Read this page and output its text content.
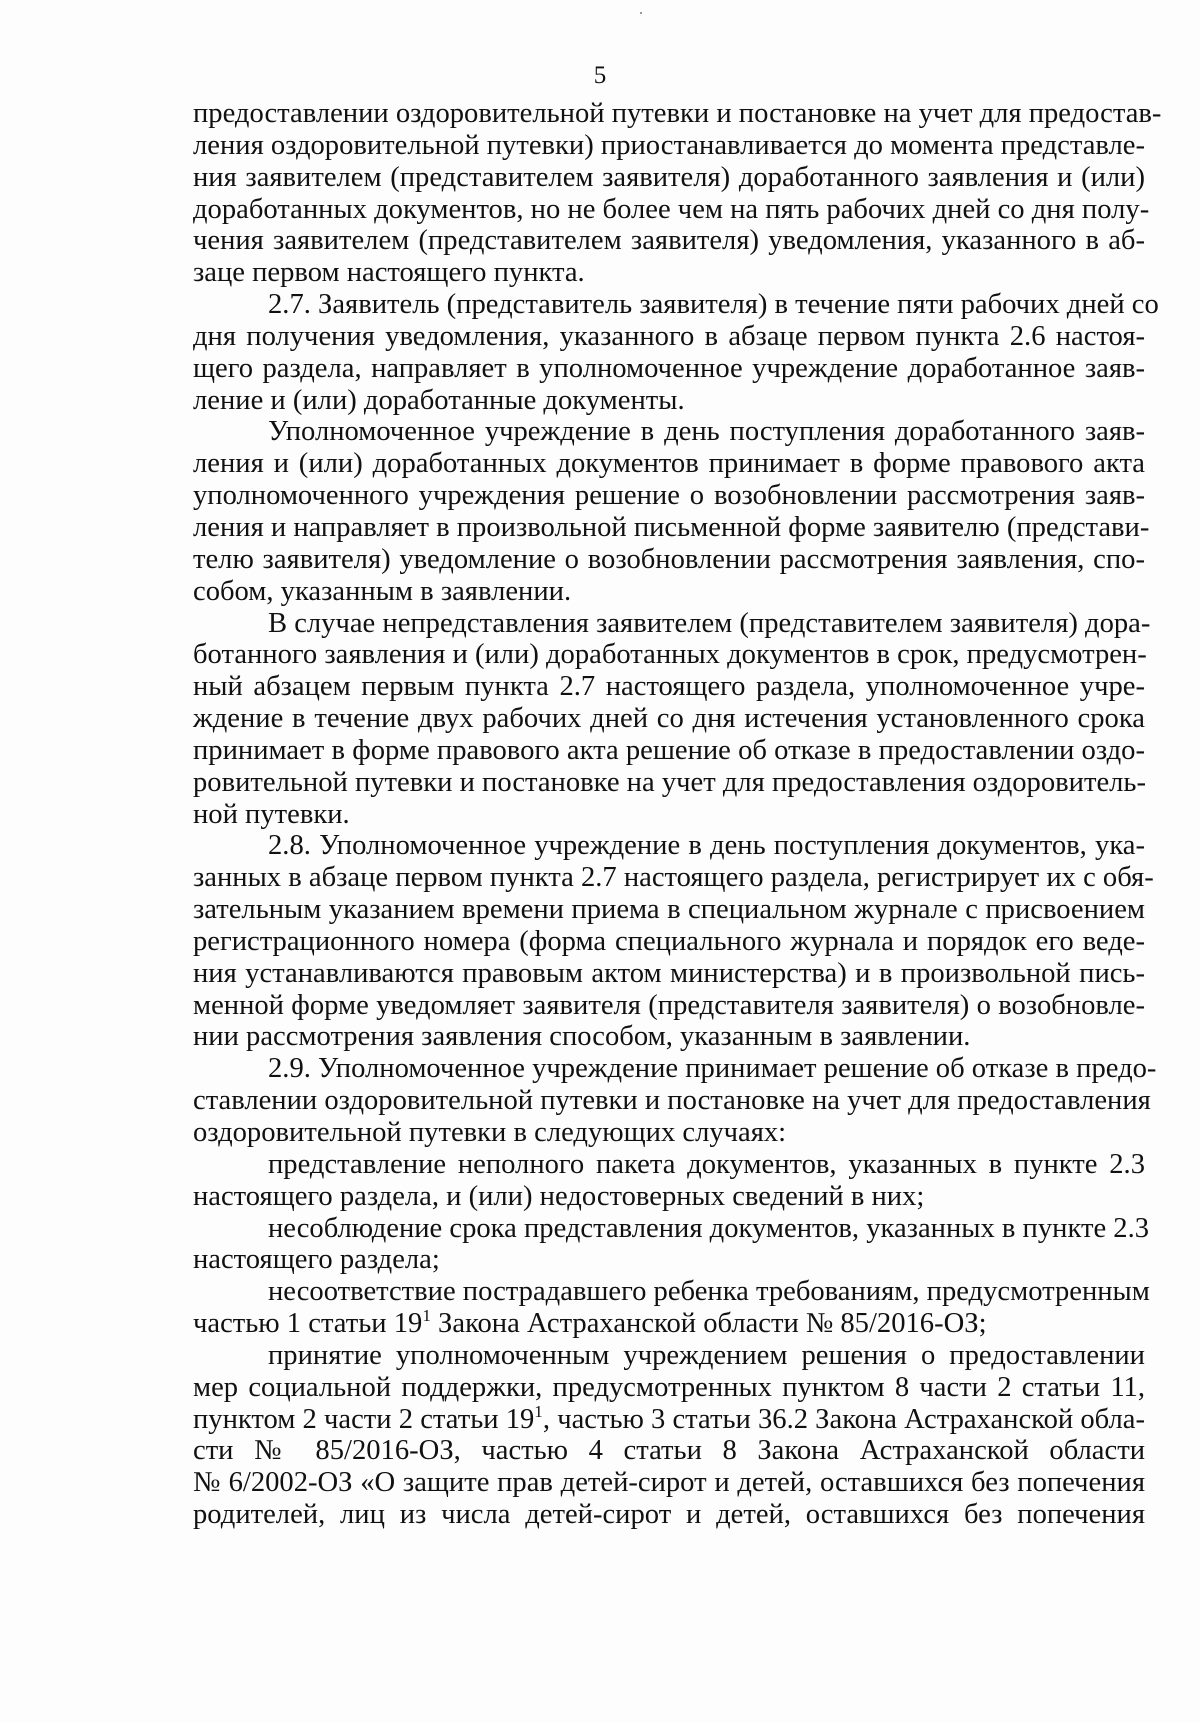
5
предоставлении оздоровительной путевки и постановке на учет для предостав-
ления оздоровительной путевки) приостанавливается до момента представле-
ния заявителем (представителем заявителя) доработанного заявления и (или)
доработанных документов, но не более чем на пять рабочих дней со дня полу-
чения заявителем (представителем заявителя) уведомления, указанного в аб-
заце первом настоящего пункта.
2.7. Заявитель (представитель заявителя) в течение пяти рабочих дней со
дня получения уведомления, указанного в абзаце первом пункта 2.6 настоя-
щего раздела, направляет в уполномоченное учреждение доработанное заяв-
ление и (или) доработанные документы.
Уполномоченное учреждение в день поступления доработанного заяв-
ления и (или) доработанных документов принимает в форме правового акта
уполномоченного учреждения решение о возобновлении рассмотрения заяв-
ления и направляет в произвольной письменной форме заявителю (представи-
телю заявителя) уведомление о возобновлении рассмотрения заявления, спо-
собом, указанным в заявлении.
В случае непредставления заявителем (представителем заявителя) дора-
ботанного заявления и (или) доработанных документов в срок, предусмотрен-
ный абзацем первым пункта 2.7 настоящего раздела, уполномоченное учре-
ждение в течение двух рабочих дней со дня истечения установленного срока
принимает в форме правового акта решение об отказе в предоставлении оздо-
ровительной путевки и постановке на учет для предоставления оздоровитель-
ной путевки.
2.8. Уполномоченное учреждение в день поступления документов, ука-
занных в абзаце первом пункта 2.7 настоящего раздела, регистрирует их с обя-
зательным указанием времени приема в специальном журнале с присвоением
регистрационного номера (форма специального журнала и порядок его веде-
ния устанавливаются правовым актом министерства) и в произвольной пись-
менной форме уведомляет заявителя (представителя заявителя) о возобновле-
нии рассмотрения заявления способом, указанным в заявлении.
2.9. Уполномоченное учреждение принимает решение об отказе в предо-
ставлении оздоровительной путевки и постановке на учет для предоставления
оздоровительной путевки в следующих случаях:
представление неполного пакета документов, указанных в пункте 2.3
настоящего раздела, и (или) недостоверных сведений в них;
несоблюдение срока представления документов, указанных в пункте 2.3
настоящего раздела;
несоответствие пострадавшего ребенка требованиям, предусмотренным
частью 1 статьи $19^1$ Закона Астраханской области № 85/2016-ОЗ;
принятие уполномоченным учреждением решения о предоставлении
мер социальной поддержки, предусмотренных пунктом 8 части 2 статьи 11,
пунктом 2 части 2 статьи $19^1$, частью 3 статьи 36.2 Закона Астраханской обла-
сти № 85/2016-ОЗ, частью 4 статьи 8 Закона Астраханской области
№ 6/2002-ОЗ «О защите прав детей-сирот и детей, оставшихся без попечения
родителей, лиц из числа детей-сирот и детей, оставшихся без попечения
